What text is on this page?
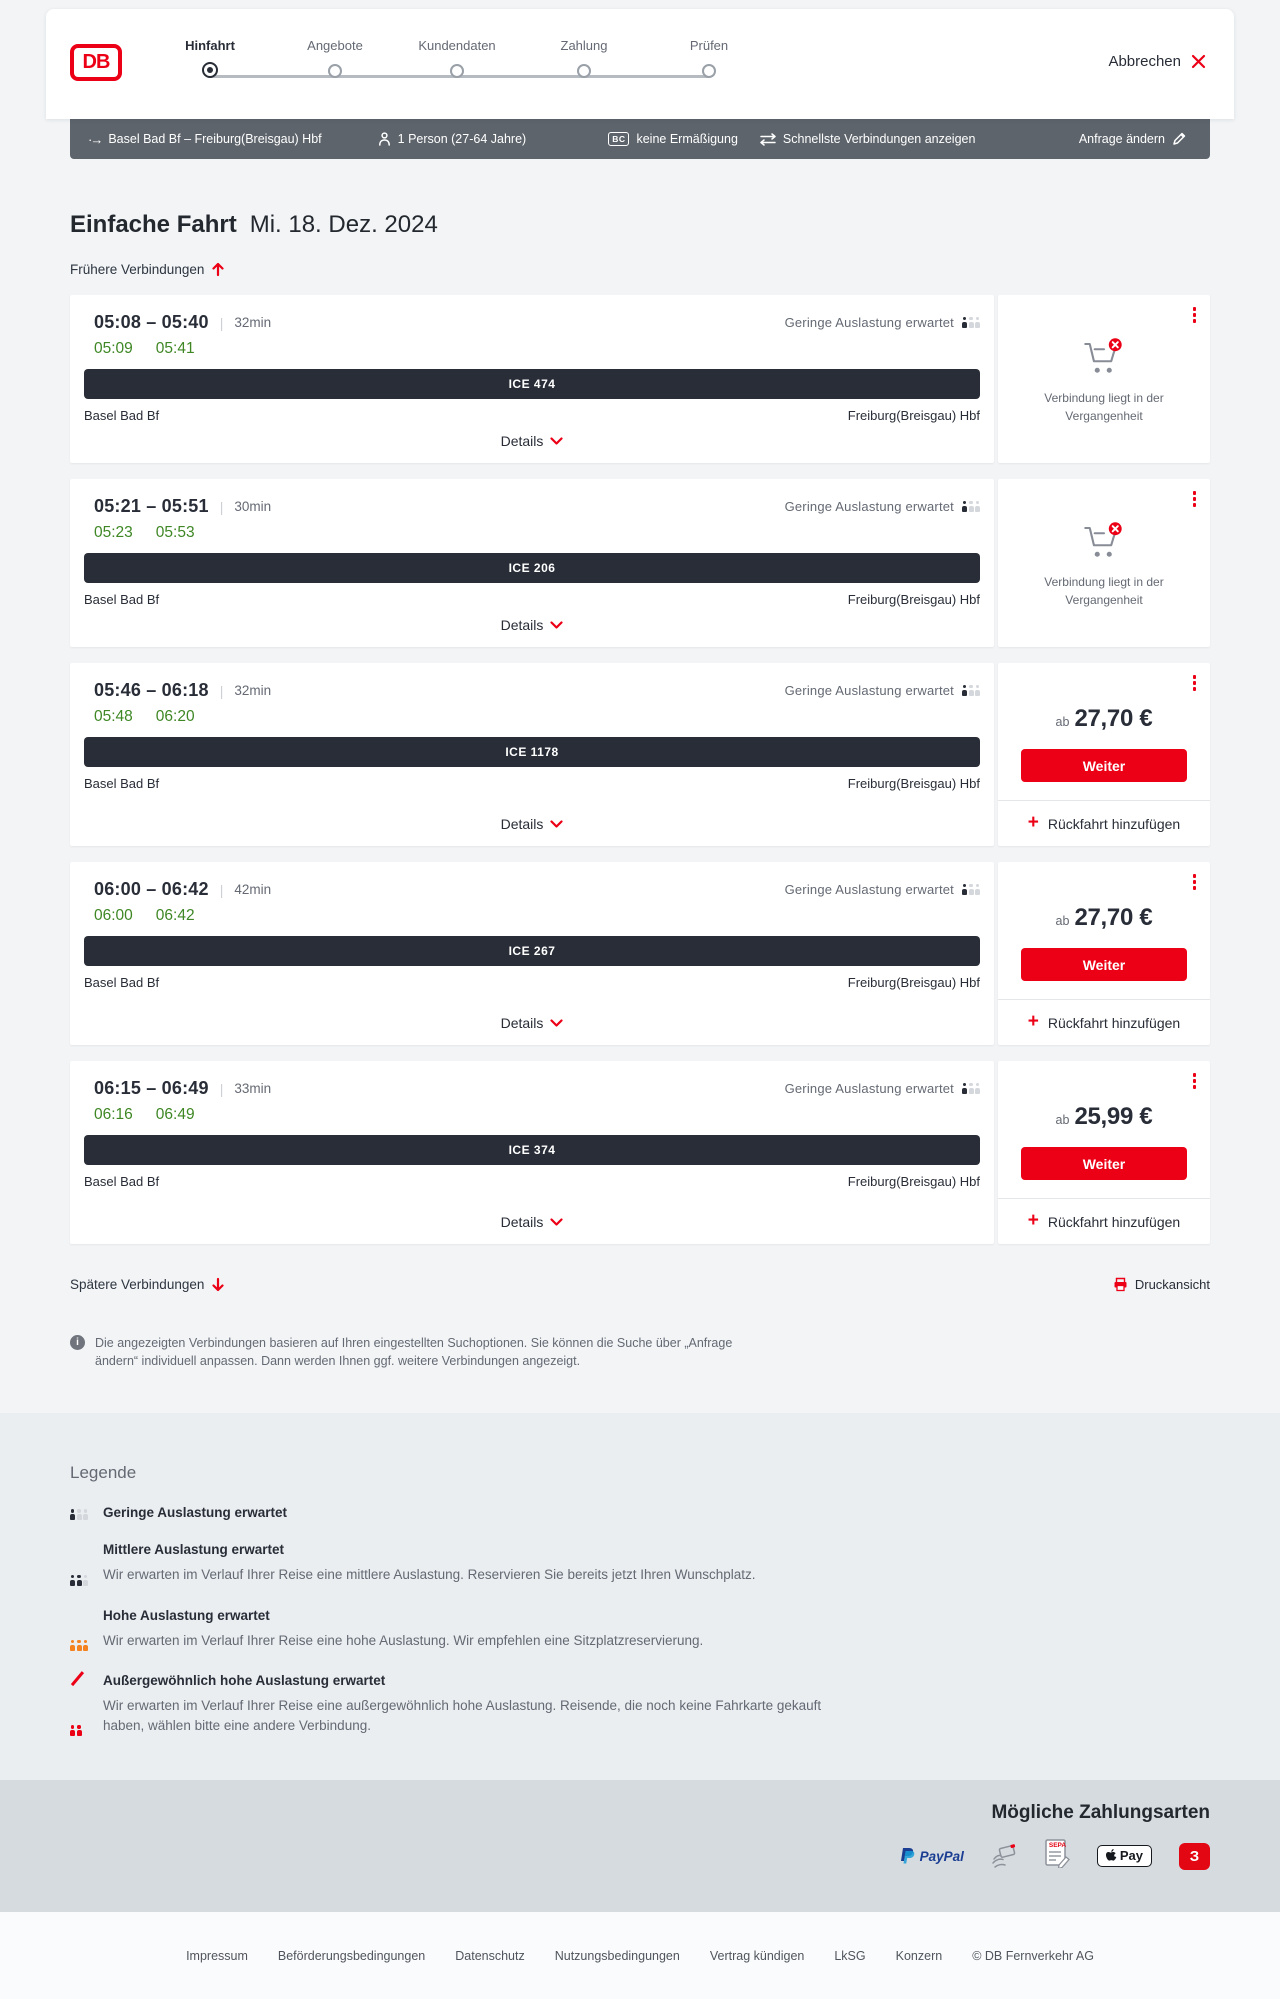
DB
Hinfahrt	Angebote	Kundendaten	Zahlung	Prüfen
Abbrechen
·→ Basel Bad Bf – Freiburg(Breisgau) Hbf	1 Person (27-64 Jahre)	BC keine Ermäßigung	Schnellste Verbindungen anzeigen	Anfrage ändern
Einfache Fahrt Mi. 18. Dez. 2024
Frühere Verbindungen
05:08 – 05:40 | 32min	Geringe Auslastung erwartet
05:09 05:41
ICE 474
Basel Bad Bf	Freiburg(Breisgau) Hbf
Details
Verbindung liegt in der Vergangenheit
05:21 – 05:51 | 30min	Geringe Auslastung erwartet
05:23 05:53
ICE 206
Basel Bad Bf	Freiburg(Breisgau) Hbf
Details
Verbindung liegt in der Vergangenheit
05:46 – 06:18 | 32min	Geringe Auslastung erwartet
05:48 06:20
ICE 1178
Basel Bad Bf	Freiburg(Breisgau) Hbf
Details
ab 27,70 €
Weiter
+ Rückfahrt hinzufügen
06:00 – 06:42 | 42min	Geringe Auslastung erwartet
06:00 06:42
ICE 267
Basel Bad Bf	Freiburg(Breisgau) Hbf
Details
ab 27,70 €
Weiter
+ Rückfahrt hinzufügen
06:15 – 06:49 | 33min	Geringe Auslastung erwartet
06:16 06:49
ICE 374
Basel Bad Bf	Freiburg(Breisgau) Hbf
Details
ab 25,99 €
Weiter
+ Rückfahrt hinzufügen
Spätere Verbindungen	Druckansicht
i	Die angezeigten Verbindungen basieren auf Ihren eingestellten Suchoptionen. Sie können die Suche über „Anfrage
ändern“ individuell anpassen. Dann werden Ihnen ggf. weitere Verbindungen angezeigt.
Legende
Geringe Auslastung erwartet
Mittlere Auslastung erwartet
Wir erwarten im Verlauf Ihrer Reise eine mittlere Auslastung. Reservieren Sie bereits jetzt Ihren Wunschplatz.
Hohe Auslastung erwartet
Wir erwarten im Verlauf Ihrer Reise eine hohe Auslastung. Wir empfehlen eine Sitzplatzreservierung.
Außergewöhnlich hohe Auslastung erwartet
Wir erwarten im Verlauf Ihrer Reise eine außergewöhnlich hohe Auslastung. Reisende, die noch keine Fahrkarte gekauft haben, wählen bitte eine andere Verbindung.
Mögliche Zahlungsarten
PayPal
SEPA
Pay	З
Impressum Beförderungsbedingungen Datenschutz Nutzungsbedingungen Vertrag kündigen LkSG Konzern © DB Fernverkehr AG
